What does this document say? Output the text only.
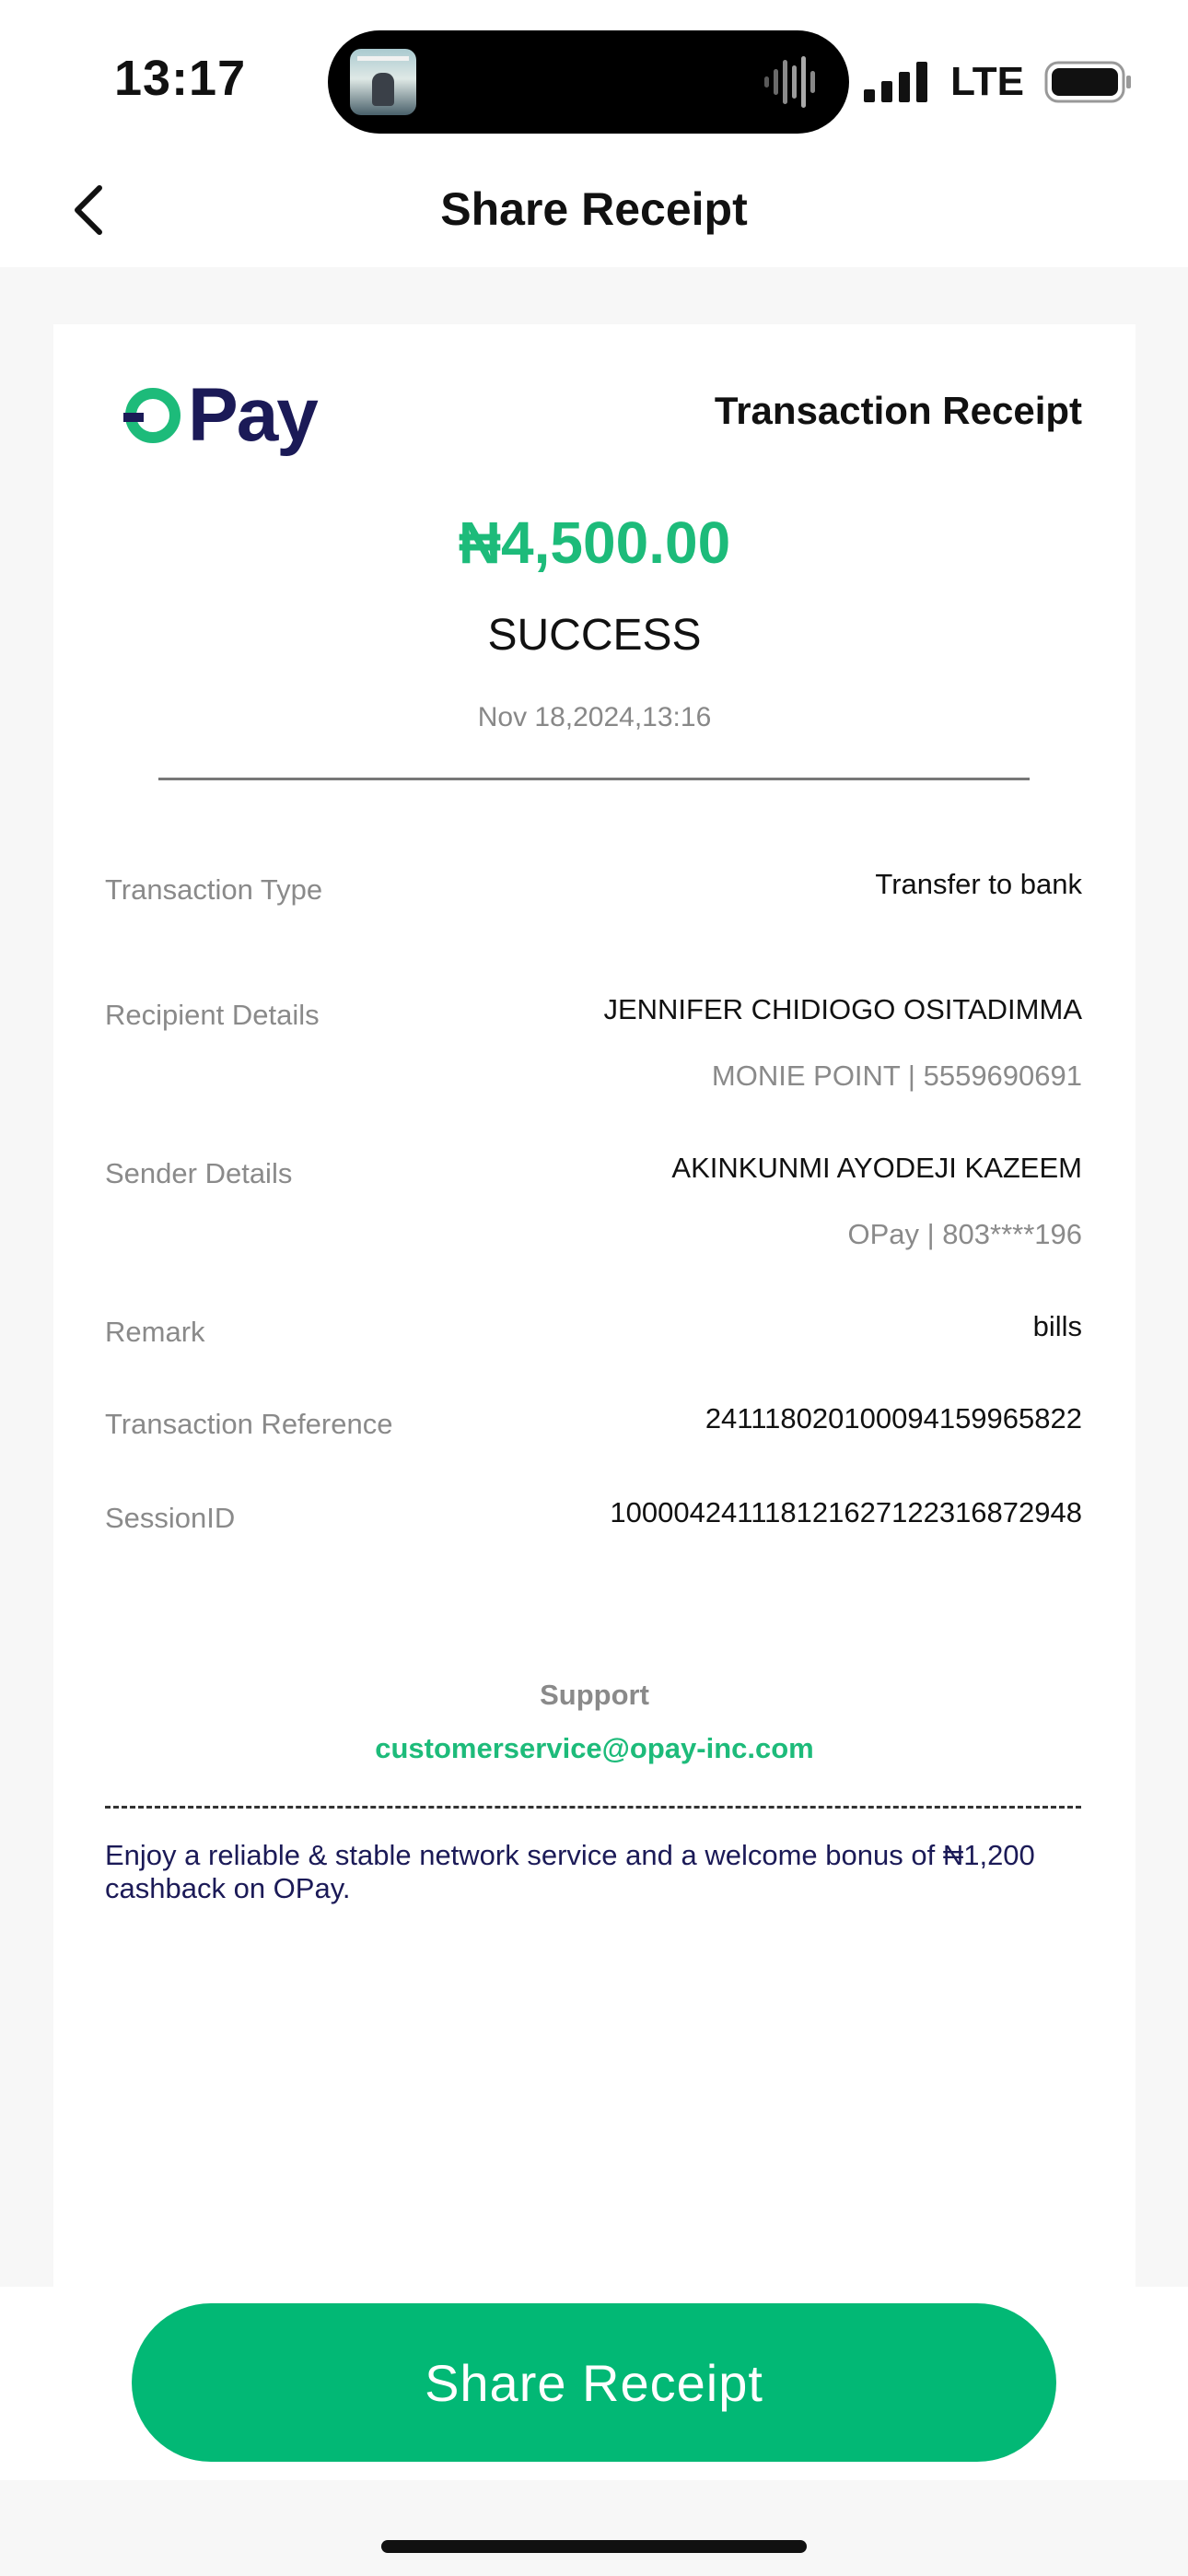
13:17	LTE
Share Receipt
Pay	Transaction Receipt
₦4,500.00
SUCCESS
Nov 18,2024,13:16
Transaction Type	Transfer to bank
Recipient Details	JENNIFER CHIDIOGO OSITADIMMA
MONIE POINT | 5559690691
Sender Details	AKINKUNMI AYODEJI KAZEEM
OPay | 803****196
Remark	bills
Transaction Reference	241118020100094159965822
SessionID	100004241118121627122316872948
Support
customerservice@opay-inc.com
Enjoy a reliable & stable network service and a welcome bonus of ₦1,200 cashback on OPay.
Share Receipt
